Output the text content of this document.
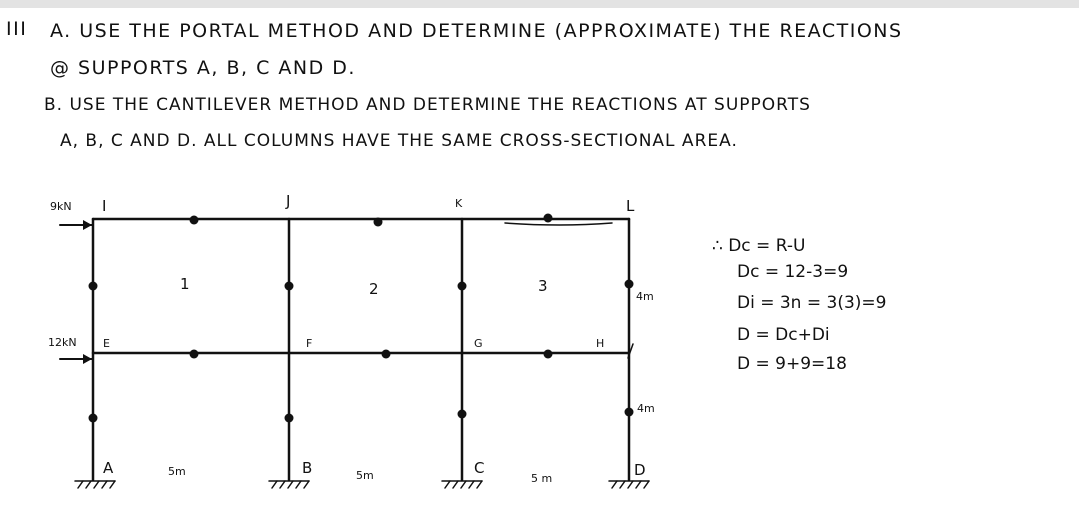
III A. USE THE PORTAL METHOD AND DETERMINE (APPROXIMATE) THE REACTIONS
@ SUPPORTS A, B, C AND D.
B. USE THE CANTILEVER METHOD AND DETERMINE THE REACTIONS AT SUPPORTS
A, B, C AND D. ALL COLUMNS HAVE THE SAME CROSS-SECTIONAL AREA.
I	J	K	L
E	F	G	H
A	B	C	D
9kN
12kN
1	2	3
5m	5m	5 m
4m
4m
∴ Dc = R-U
Dc = 12-3=9
Di = 3n = 3(3)=9
D = Dc+Di
D = 9+9=18
